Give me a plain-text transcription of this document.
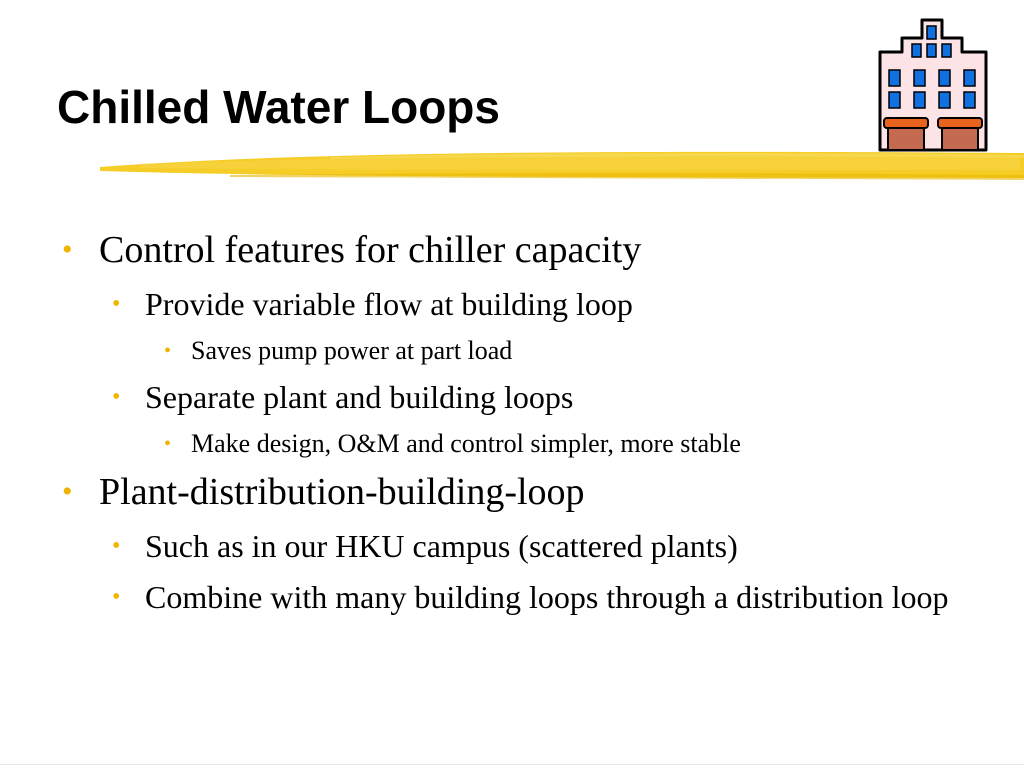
Chilled Water Loops
• Control features for chiller capacity
• Provide variable flow at building loop
• Saves pump power at part load
• Separate plant and building loops
• Make design, O&M and control simpler, more stable
• Plant-distribution-building-loop
• Such as in our HKU campus (scattered plants)
• Combine with many building loops through a distribution loop
